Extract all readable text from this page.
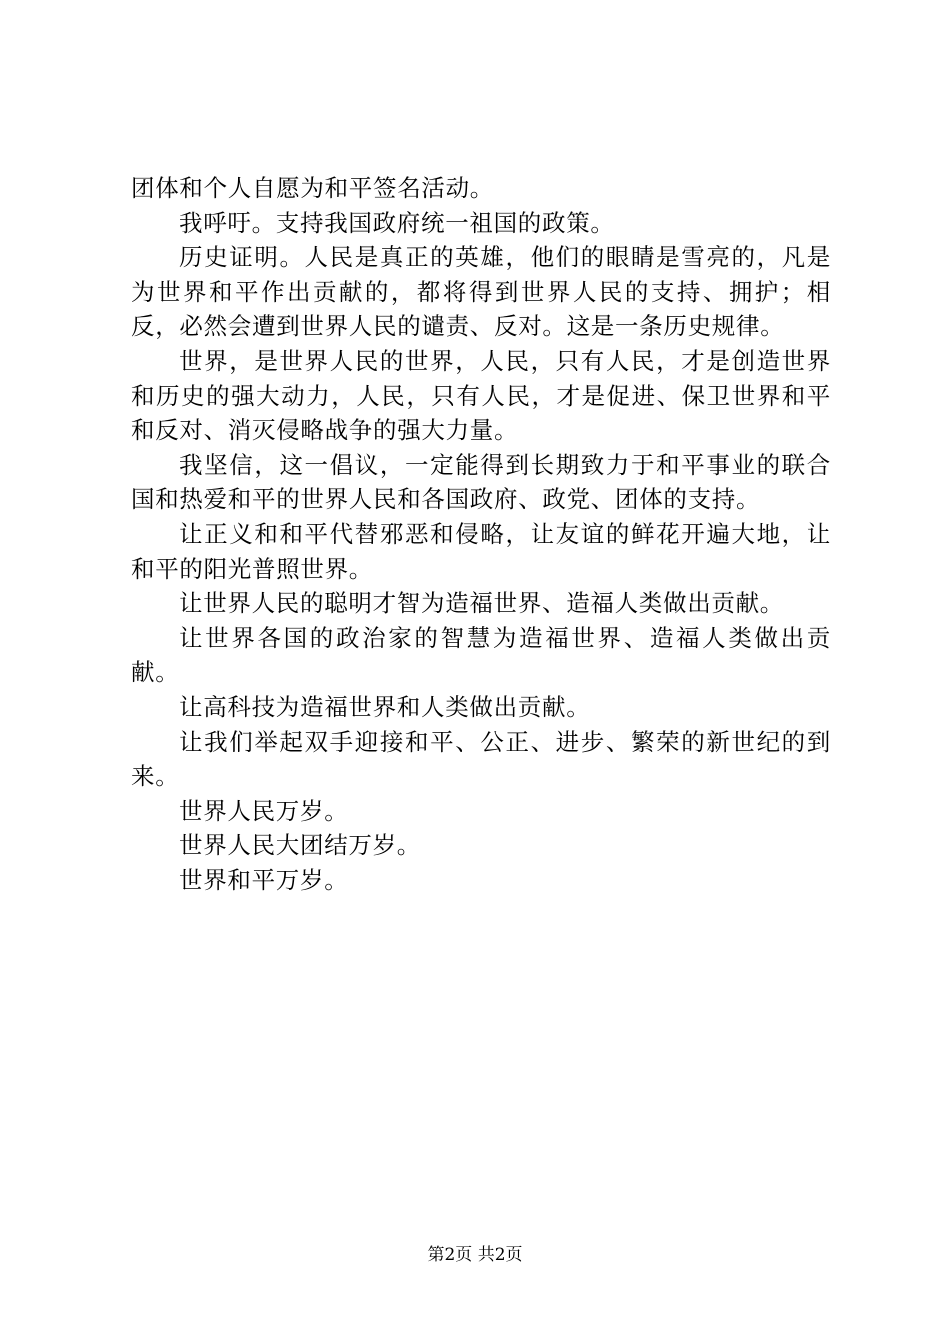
团体和个人自愿为和平签名活动。

我呼吁。支持我国政府统一祖国的政策。

历史证明。人民是真正的英雄，他们的眼睛是雪亮的，凡是为世界和平作出贡献的，都将得到世界人民的支持、拥护；相反，必然会遭到世界人民的谴责、反对。这是一条历史规律。

世界，是世界人民的世界，人民，只有人民，才是创造世界和历史的强大动力，人民，只有人民，才是促进、保卫世界和平和反对、消灭侵略战争的强大力量。

我坚信，这一倡议，一定能得到长期致力于和平事业的联合国和热爱和平的世界人民和各国政府、政党、团体的支持。

让正义和和平代替邪恶和侵略，让友谊的鲜花开遍大地，让和平的阳光普照世界。

让世界人民的聪明才智为造福世界、造福人类做出贡献。

让世界各国的政治家的智慧为造福世界、造福人类做出贡献。

让高科技为造福世界和人类做出贡献。

让我们举起双手迎接和平、公正、进步、繁荣的新世纪的到来。

世界人民万岁。

世界人民大团结万岁。

世界和平万岁。

第2页 共2页
